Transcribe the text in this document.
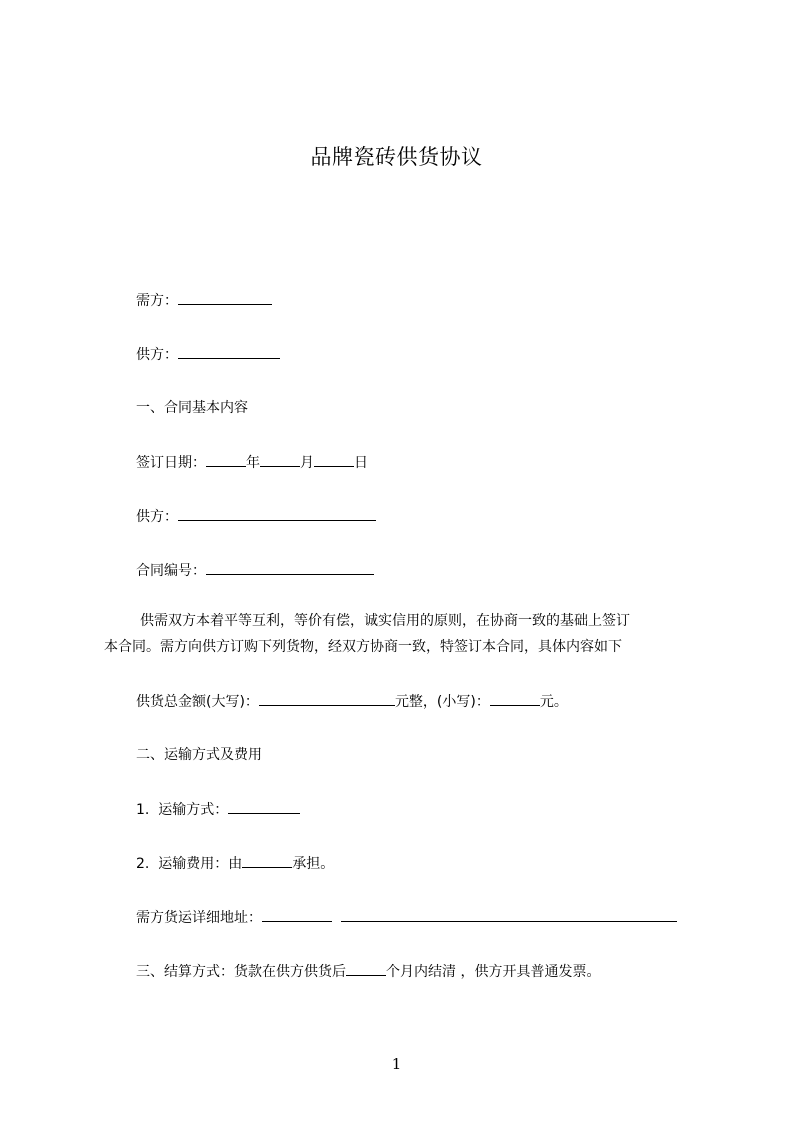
品牌瓷砖供货协议
需方：
供方：
一、合同基本内容
签订日期：	年	月	日
供方：
合同编号：
供需双方本着平等互利，等价有偿，诚实信用的原则，在协商一致的基础上签订
本合同。需方向供方订购下列货物，经双方协商一致，特签订本合同，具体内容如下
供货总金额(大写)：	元整，(小写)：	元。
二、运输方式及费用
1. 运输方式：
2. 运输费用：由	承担。
需方货运详细地址：
三、结算方式：货款在供方供货后	个月内结清 ，供方开具普通发票。
1
